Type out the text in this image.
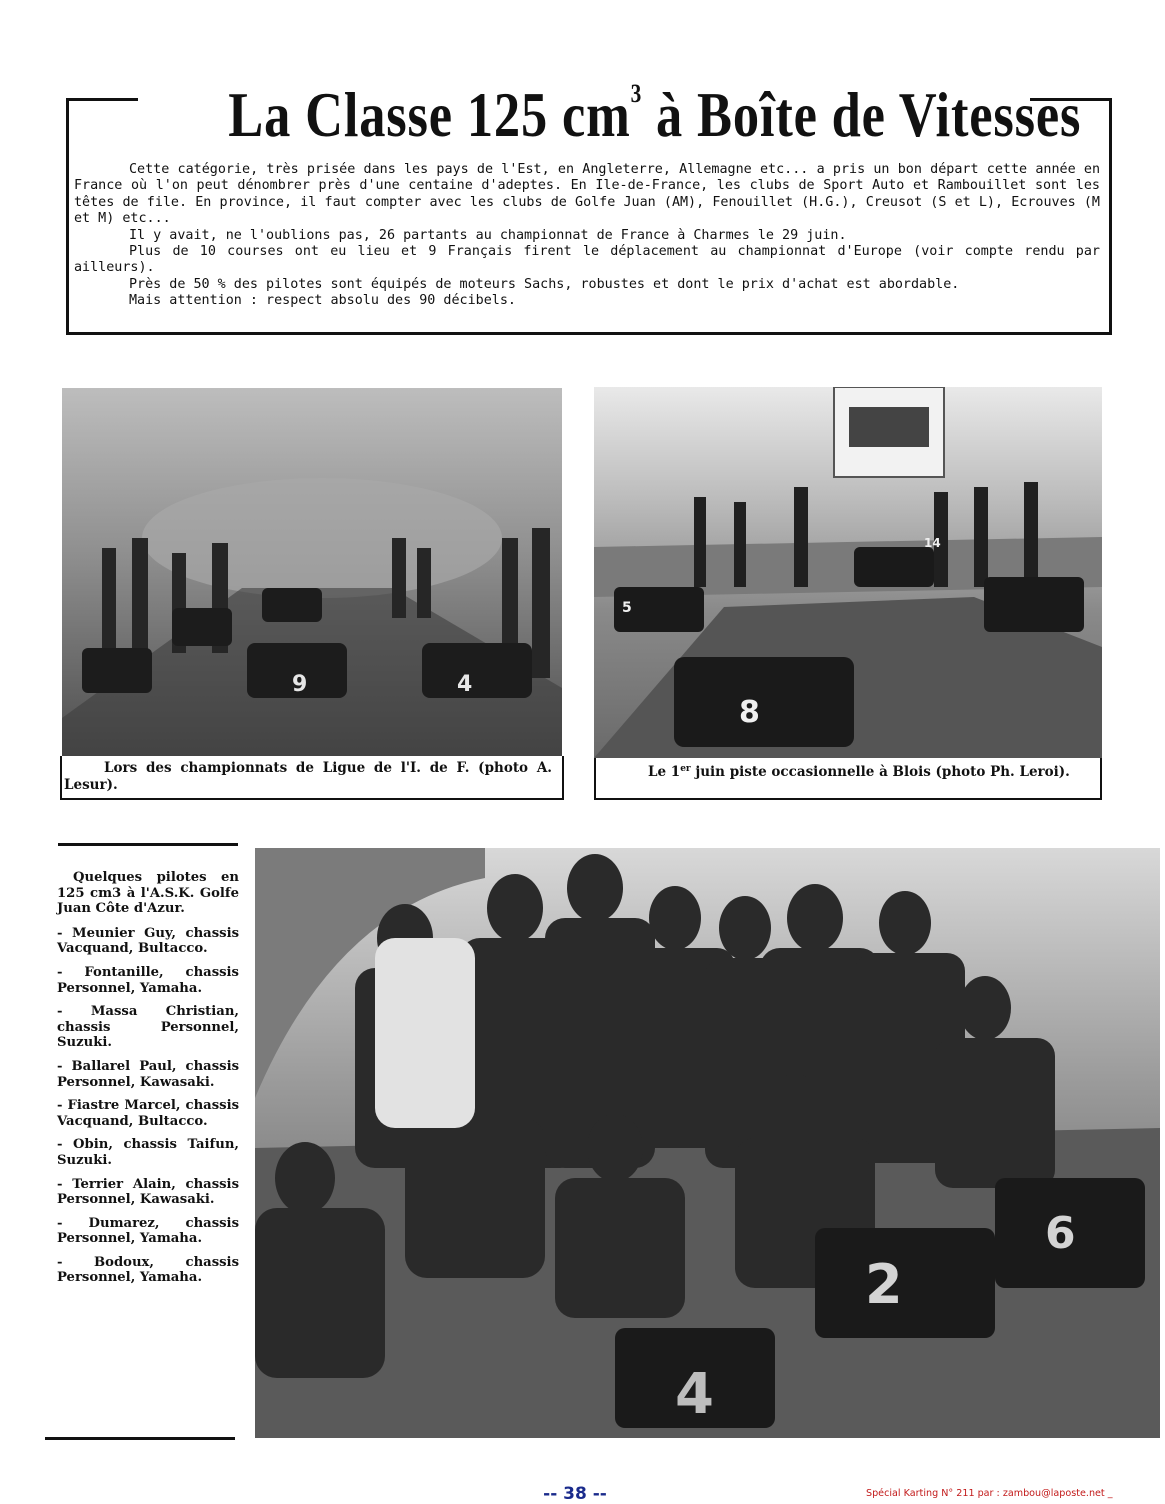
La Classe 125 $cm^3$ à Boîte de Vitesses

Cette catégorie, très prisée dans les pays de l'Est, en Angleterre, Allemagne etc... a pris un bon départ cette année en France où l'on peut dénombrer près d'une centaine d'adeptes. En Ile-de-France, les clubs de Sport Auto et Rambouillet sont les têtes de file. En province, il faut compter avec les clubs de Golfe Juan (AM), Fenouillet (H.G.), Creusot (S et L), Ecrouves (M et M) etc...

Il y avait, ne l'oublions pas, 26 partants au championnat de France à Charmes le 29 juin.

Plus de 10 courses ont eu lieu et 9 Français firent le déplacement au championnat d'Europe (voir compte rendu par ailleurs).

Près de 50 % des pilotes sont équipés de moteurs Sachs, robustes et dont le prix d'achat est abordable.

Mais attention : respect absolu des 90 décibels.

9	4

Lors des championnats de Ligue de l'I. de F. (photo A. Lesur).

8
5
14

Le 1er juin piste occasionnelle à Blois (photo Ph. Leroi).

Quelques pilotes en 125 cm3 à l'A.S.K. Golfe Juan Côte d'Azur.

- Meunier Guy, chassis Vacquand, Bultacco.
- Fontanille, chassis Personnel, Yamaha.
- Massa Christian, chassis Personnel, Suzuki.
- Ballarel Paul, chassis Personnel, Kawasaki.
- Fiastre Marcel, chassis Vacquand, Bultacco.
- Obin, chassis Taifun, Suzuki.
- Terrier Alain, chassis Personnel, Kawasaki.
- Dumarez, chassis Personnel, Yamaha.
- Bodoux, chassis Personnel, Yamaha.
4
2
6
-- 38 --	Spécial Karting N° 211 par : zambou@laposte.net _
